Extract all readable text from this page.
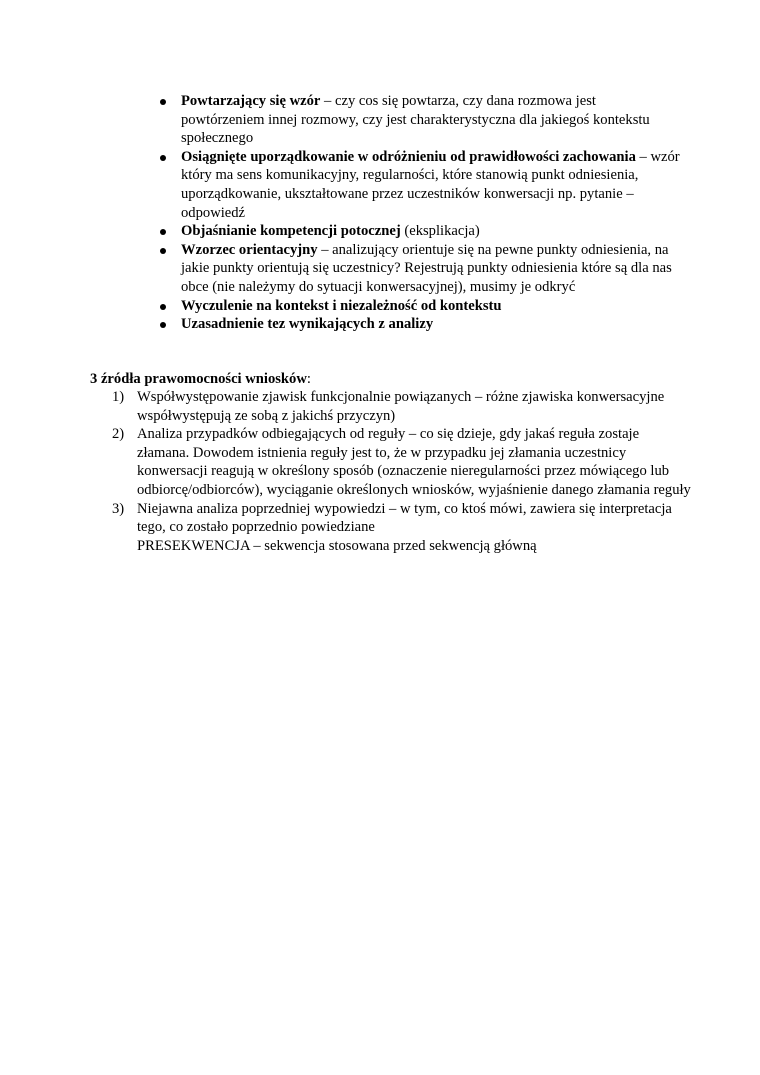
Powtarzający się wzór – czy cos się powtarza, czy dana rozmowa jest powtórzeniem innej rozmowy, czy jest charakterystyczna dla jakiegoś kontekstu społecznego
Osiągnięte uporządkowanie w odróżnieniu od prawidłowości zachowania – wzór który ma sens komunikacyjny, regularności, które stanowią punkt odniesienia, uporządkowanie, ukształtowane przez uczestników konwersacji np. pytanie – odpowiedź
Objaśnianie kompetencji potocznej (eksplikacja)
Wzorzec orientacyjny – analizujący orientuje się na pewne punkty odniesienia, na jakie punkty orientują się uczestnicy? Rejestrują punkty odniesienia które są dla nas obce (nie należymy do sytuacji konwersacyjnej), musimy je odkryć
Wyczulenie na kontekst i niezależność od kontekstu
Uzasadnienie tez wynikających z analizy

3 źródła prawomocności wniosków:

1) Współwystępowanie zjawisk funkcjonalnie powiązanych – różne zjawiska konwersacyjne współwystępują ze sobą z jakichś przyczyn)
2) Analiza przypadków odbiegających od reguły – co się dzieje, gdy jakaś reguła zostaje złamana. Dowodem istnienia reguły jest to, że w przypadku jej złamania uczestnicy konwersacji reagują w określony sposób (oznaczenie nieregularności przez mówiącego lub odbiorcę/odbiorców), wyciąganie określonych wniosków, wyjaśnienie danego złamania reguły
3) Niejawna analiza poprzedniej wypowiedzi – w tym, co ktoś mówi, zawiera się interpretacja tego, co zostało poprzednio powiedziane
PRESEKWENCJA – sekwencja stosowana przed sekwencją główną
